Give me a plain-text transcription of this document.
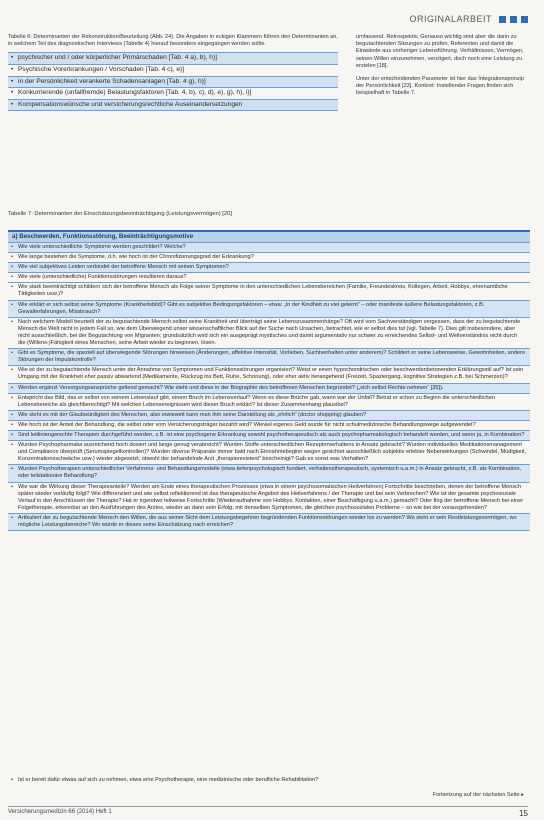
ORIGINALARBEIT

Tabelle 6: Determinanten der Rekonstruktion/Beurteilung (Abb. 24). Die Angaben in eckigen Klammern führen den Determinanten an, in welchem Teil des diagnostischen Interviews (Tabelle 4) hierauf besonders eingegangen werden sollte.

• psychischer und / oder körperlicher Primärschaden [Tab. 4 a), b), h)]
• Psychische Vorerkrankungen / Vorschaden [Tab. 4 c), e)]
• in der Persönlichkeit verankerte Schadensanlagen [Tab. 4 g), h)]
• Konkurrierende (unfallfremde) Belastungsfaktoren [Tab. 4, b), c), d), e), g), h), i)]
• Kompensationswünsche und versicherungsrechtliche Auseinandersetzungen

umfassend. Retrospektiv, Genauso wichtig sind aber die darin zu begutachtenden Sitzungen zu prüfen, Referenten und damit die Einwände aus vorheriger Lebensführung, Verhältnissen, Vermögen, seinen Willen einzunehmen, verzögert, doch noch eine Leistung zu erzielen [18].

Unter der entscheidenden Parameter ist hier das Integrationsprinzip der Persönlichkeit [23]. Konkret: Instellender Fragen finden sich beispielhaft in Tabelle 7.

Tabelle 7: Determinanten der Einschätzungsbeeinträchtigung (Leistungsvermögen) [20]
a) Beschwerden, Funktionsstörung, Beeinträchtigungsmotive
• Wie viele unterschiedliche Symptome werden geschildert? Welche?
• Wie lange bestehen die Symptome, d.h. wie hoch ist der Chronifizierungsgrad der Erkrankung?
• Wie viel subjektives Leiden verbindet der betroffene Mensch mit seinen Symptomen?
• Wie viele (unterschiedliche) Funktionsstörungen resultieren daraus?
• Wie stark beeinträchtigt schildern sich der betroffene Mensch als Folge seiner Symptome in den unterschiedlichen Lebensbereichen (Familie, Freundeskreis, Kollegen, Arbeit, Hobbys, ehrenamtliche Tätigkeiten usw.)?
• Wie erklärt er sich selbst seine Symptome (Krankheitsbild)? Gibt es subjektive Bedingungsfaktoren – etwa: „In der Kindheit zu viel gelernt“ – oder manifeste äußere Belastungsfaktoren, z.B. Gewalterfahrungen, Missbrauch?
• Nach welchem Modell beurteilt der zu begutachtende Mensch selbst seine Krankheit und überträgt seine Lebenszusammenhänge? Oft wird vom Sachverständigen vergessen, dass der zu begutachtende Mensch die Welt nicht in jedem Fall so, wie dem Überwiegend unser wissenschaftlicher Blick auf der Suche nach Ursachen, betrachtet, wie er selbst dies tut (vgl. Tabelle 7). Dies gilt insbesondere, aber nicht ausschließlich, bei der Begutachtung von Migranten; grundsätzlich wird sich ein ausgeprägt mystisches und damit argumentativ nur schwer zu erreichendes Selbst- und Weltverständnis nicht durch die (Willens-)Fähigkeit eines Menschen, seine Arbeit wieder zu beginnen, lösen.
• Gibt es Symptome, die speziell auf überwiegende Störungen hinweisen (Änderungen, affektive Intensität, Vorlieben, Suchtverhalten unter anderem)? Schildert er seine Lebensweise, Gewohnheiten, andere Störungen der Impulskontrolle?
• Wie ist der zu begutachtende Mensch unter der Annahme von Symptomen und Funktionsstörungen organisiert? Weist er einen hypochondrischen oder beschwerdenbetonenden Erklärungsstil auf? Ist sein Umgang mit der Krankheit eher passiv abwartend (Medikamente, Rückzug ins Bett, Ruhe, Schonung), oder eher aktiv herangehend (Freizeit, Spaziergang, kognitive Strategien z.B. bei Schmerzen)?
• Werden ergänzt Versorgungsansprüche geltend gemacht? Wie steht und diese in der Biographie des betroffenen Menschen begründet? („sich selbst Rechte nehmen“ [35]).
• Entspricht das Bild, das er selbst von seinem Lebenslauf gibt, einem Bruch im Lebensverlauf? Wenn es diese Brüche gab, wann war der Unfall? Betrat er schon zu Beginn die unterschiedlichen Lebensbereiche als gleichberechtigt? Mit welchen Lebensereignissen wird dieser Bruch erklärt? Ist dieser Zusammenhang plausibel?
• Wie steht es mit der Glaubwürdigkeit des Menschen, also inwieweit kann man ihm seine Darstellung als „ehrlich“ (doctor shopping) glauben?
• Wie hoch ist der Anteil der Behandlung, die selbst oder vom Versicherungsträger bezahlt wird? Wieviel eigenes Geld wurde für nicht schulmedizinische Behandlungswege aufgewendet?
• Sind leitliniengerechte Therapien durchgeführt worden, z.B. ist eine psychogene Erkrankung sowohl psychotherapeutisch als auch psychopharmakologisch behandelt worden, und wenn ja, in Kombination?
• Wurden Psychopharmaka ausreichend hoch dosiert und lange genug verabreicht? Wurden Stoffe unterschiedlichen Rezeptorverhaltens in Ansatz gebracht? Wurden individuelles Medikationsmanagement und Compliance überprüft (Serumspiegelkontrollen)? Wurden diverse Präparate immer bald nach Einnahmebeginn wegen gesichtet ausschließlich subjektiv erlebter Nebenwirkungen (Schwindel, Müdigkeit, Konzentrationsschwäche usw.) wieder abgesetzt, obwohl der behandelnde Arzt „therapieresistent“ bescheinigt? Gab es sonst was Verhalten?
• Wurden Psychotherapien unterschiedlicher Verfahrens- und Behandlungsmodelle (etwa tiefenpsychologisch fundiert, verhaltenstherapeutisch, systemisch u.a.m.) in Ansatz gebracht, z.B. als Kombination, oder teilstationäre Behandlung?
• Wie war die Wirkung dieser Therapieanteile? Werden am Ende eines therapeutischen Prozesses (etwa in einem psychosomatischen Heilverfahren) Fortschritte beschrieben, denen der betroffene Mensch später wieder vorläufig folgt? Wie differenziert und wie selbst reflektierend ist das therapeutische Angebot des Heilverfahrens / der Therapie und bei sein Verbrechen? Wie ist der gesamte psychosoziale Verlauf in den Anschlüssen der Therapie? Hat er irgendwo teilweise Fortschritte (Wiederaufnahme von Hobbys, Kontakten, einer Beschäftigung u.a.m.) gemacht? Oder fing der betroffene Mensch bei einer Folgetherapie, erkennbar an den Ausführungen des Arztes, wieder an dann sein Erfolg, mit denselben Symptomen, die gleichen psychosozialen Probleme – so wie bei der vorausgehenden?
• Artikuliert der zu begutachtende Mensch den Willen, die aus seiner Sicht dem Leistungsbegehren begründenden Funktionsstörungen wieder los zu werden? Wo sieht er sein Restleistungsvermögen, wo mögliche Leistungsbereiche? Wo würde er dieses seine Einschätzung nach erreichen?
• Ist er bereit dafür etwas auf sich zu nehmen, etwa eine Psychotherapie, eine medizinische oder berufliche Rehabilitation?
Fortsetzung auf der nächsten Seite ▸
Versicherungsmedizin 66 (2014) Heft 1	15
